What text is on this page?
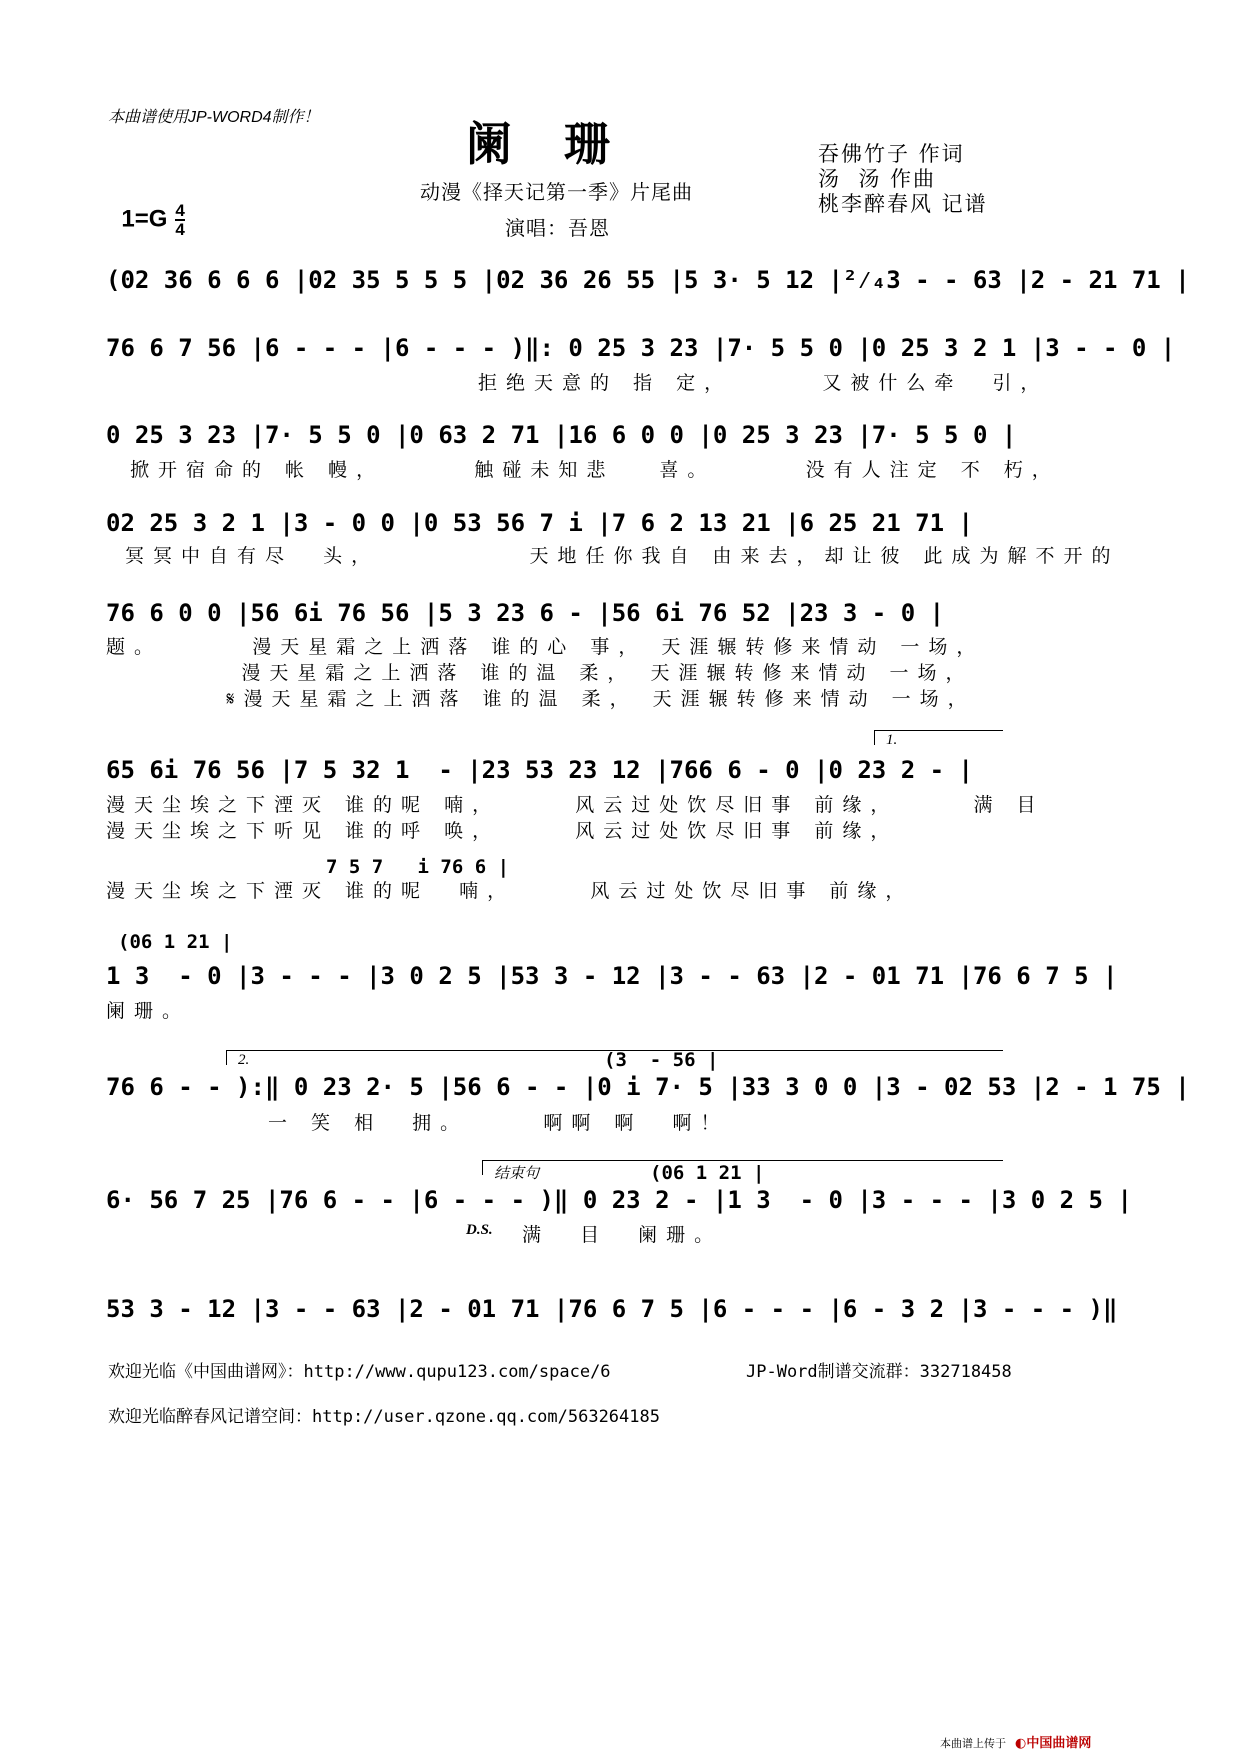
本曲谱使用JP-WORD4制作！	阑珊	吞佛竹子 作词
汤  汤 作曲
桃李醉春风 记谱

$1=G \frac{4}{4}$

动漫《择天记第一季》片尾曲
演唱：吾恩
(02 36 6 6 6 |02 35 5 5 5 |02 36 26 55 |5 3· 5 12 |²⁄₄3 - - 63 |2 - 21 71 |
76 6 7 56 |6 - - - |6 - - - )‖: 0 25 3 23 |7· 5 5 0 |0 25 3 2 1 |3 - - 0 |
拒绝天意的 指 定，      又被什么牵  引，
0 25 3 23 |7· 5 5 0 |0 63 2 71 |16 6 0 0 |0 25 3 23 |7· 5 5 0 |
掀开宿命的 帐 幔，      触碰未知悲   喜。      没有人注定 不 朽，
02 25 3 2 1 |3 - 0 0 |0 53 56 7 i |7 6 2 13 21 |6 25 21 71 |
冥冥中自有尽  头，          天地任你我自 由来去，却让彼 此成为解不开的
76 6 0 0 |56 6i 76 56 |5 3 23 6 - |56 6i 76 52 |23 3 - 0 |
题。      漫天星霜之上洒落 谁的心 事， 天涯辗转修来情动 一场，
漫天星霜之上洒落 谁的温 柔， 天涯辗转修来情动 一场，
𝄋漫天星霜之上洒落 谁的温 柔， 天涯辗转修来情动 一场，
1.
65 6i 76 56 |7 5 32 1  - |23 53 23 12 |766 6 - 0 |0 23 2 - |
漫天尘埃之下湮灭 谁的呢 喃，     风云过处饮尽旧事 前缘，     满 目
漫天尘埃之下听见 谁的呼 唤，     风云过处饮尽旧事 前缘，
7 5 7   i 76 6 |
漫天尘埃之下湮灭 谁的呢  喃，     风云过处饮尽旧事 前缘，
(06 1 21 |
1 3  - 0 |3 - - - |3 0 2 5 |53 3 - 12 |3 - - 63 |2 - 01 71 |76 6 7 5 |
阑珊。
2.	(3  - 56 |
76 6 - - ):‖ 0 23 2· 5 |56 6 - - |0 i 7· 5 |33 3 0 0 |3 - 02 53 |2 - 1 75 |
一 笑 相  拥。     啊啊 啊  啊！
结束句	(06 1 21 |
6· 56 7 25 |76 6 - - |6 - - - )‖ 0 23 2 - |1 3  - 0 |3 - - - |3 0 2 5 |
D.S. 满  目  阑珊。
53 3 - 12 |3 - - 63 |2 - 01 71 |76 6 7 5 |6 - - - |6 - 3 2 |3 - - - )‖
欢迎光临《中国曲谱网》：http://www.qupu123.com/space/6	JP-Word制谱交流群：332718458
欢迎光临醉春风记谱空间：http://user.qzone.qq.com/563264185
本曲谱上传于 ◐中国曲谱网
